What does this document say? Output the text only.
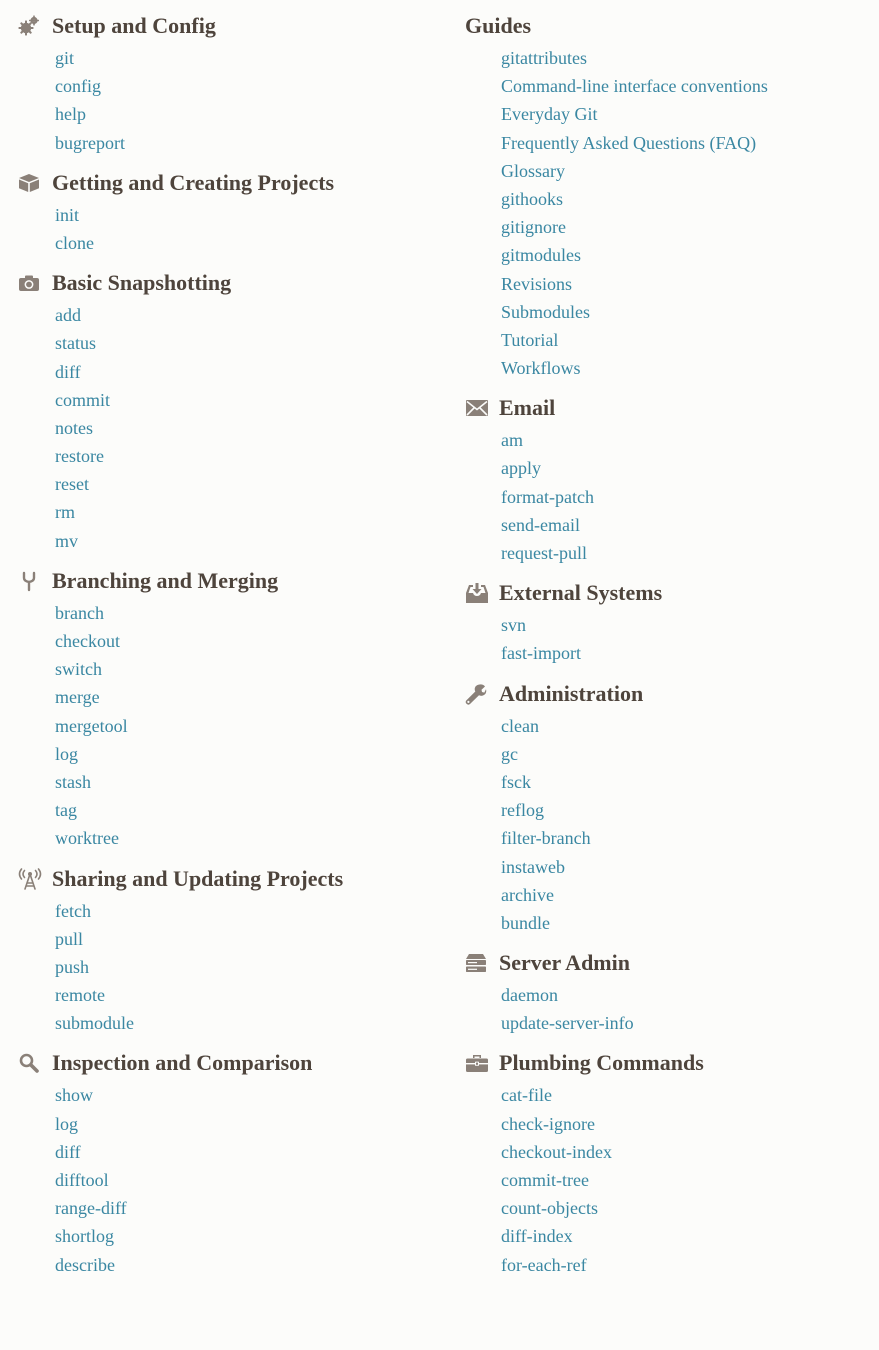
Setup and Config
git
config
help
bugreport
Getting and Creating Projects
init
clone
Basic Snapshotting
add
status
diff
commit
notes
restore
reset
rm
mv
Branching and Merging
branch
checkout
switch
merge
mergetool
log
stash
tag
worktree
Sharing and Updating Projects
fetch
pull
push
remote
submodule
Inspection and Comparison
show
log
diff
difftool
range-diff
shortlog
describe
Guides
gitattributes
Command-line interface conventions
Everyday Git
Frequently Asked Questions (FAQ)
Glossary
githooks
gitignore
gitmodules
Revisions
Submodules
Tutorial
Workflows
Email
am
apply
format-patch
send-email
request-pull
External Systems
svn
fast-import
Administration
clean
gc
fsck
reflog
filter-branch
instaweb
archive
bundle
Server Admin
daemon
update-server-info
Plumbing Commands
cat-file
check-ignore
checkout-index
commit-tree
count-objects
diff-index
for-each-ref
